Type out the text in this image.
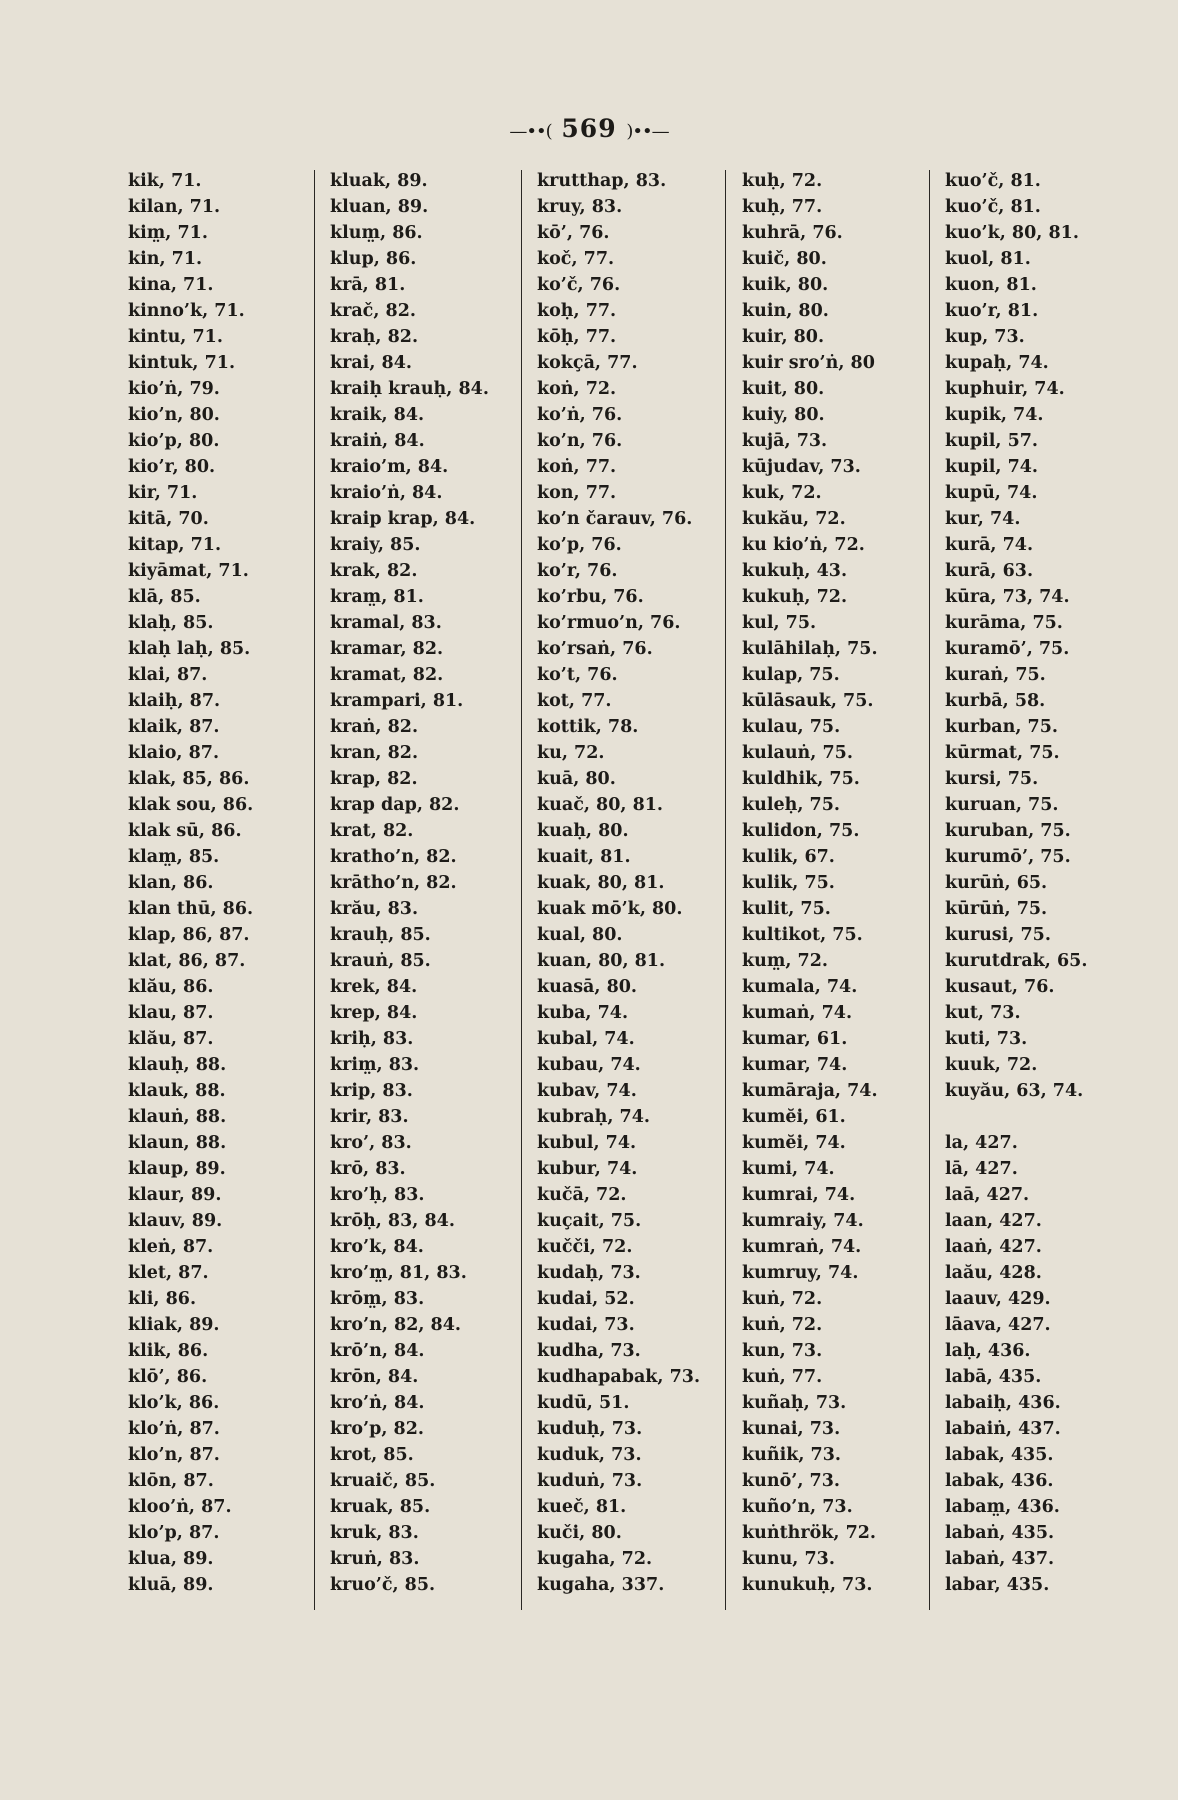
—••( 569 )••—
kik, 71.
kilan, 71.
kim̤, 71.
kin, 71.
kina, 71.
kinno’k, 71.
kintu, 71.
kintuk, 71.
kio’ṅ, 79.
kio’n, 80.
kio’p, 80.
kio’r, 80.
kir, 71.
kitā, 70.
kitap, 71.
kiyāmat, 71.
klā, 85.
klaḥ, 85.
klaḥ laḥ, 85.
klai, 87.
klaiḥ, 87.
klaik, 87.
klaio, 87.
klak, 85, 86.
klak sou, 86.
klak sū, 86.
klam̤, 85.
klan, 86.
klan thū, 86.
klap, 86, 87.
klat, 86, 87.
klău, 86.
klau, 87.
klău, 87.
klauḥ, 88.
klauk, 88.
klauṅ, 88.
klaun, 88.
klaup, 89.
klaur, 89.
klauv, 89.
kleṅ, 87.
klet, 87.
kli, 86.
kliak, 89.
klik, 86.
klō’, 86.
klo’k, 86.
klo’ṅ, 87.
klo’n, 87.
klōn, 87.
kloo’ṅ, 87.
klo’p, 87.
klua, 89.
kluā, 89.
kluak, 89.
kluan, 89.
klum̤, 86.
klup, 86.
krā, 81.
krač, 82.
kraḥ, 82.
krai, 84.
kraiḥ krauḥ, 84.
kraik, 84.
kraiṅ, 84.
kraio’m, 84.
kraio’ṅ, 84.
kraip krap, 84.
kraiy, 85.
krak, 82.
kram̤, 81.
kramal, 83.
kramar, 82.
kramat, 82.
krampari, 81.
kraṅ, 82.
kran, 82.
krap, 82.
krap dap, 82.
krat, 82.
kratho’n, 82.
krātho’n, 82.
krău, 83.
krauḥ, 85.
krauṅ, 85.
krek, 84.
krep, 84.
kriḥ, 83.
krim̤, 83.
krip, 83.
krir, 83.
kro’, 83.
krō, 83.
kro’ḥ, 83.
krōḥ, 83, 84.
kro’k, 84.
kro’m̤, 81, 83.
krōm̤, 83.
kro’n, 82, 84.
krō’n, 84.
krōn, 84.
kro’ṅ, 84.
kro’p, 82.
krot, 85.
kruaič, 85.
kruak, 85.
kruk, 83.
kruṅ, 83.
kruo’č, 85.
krutthap, 83.
kruy, 83.
kō’, 76.
koč, 77.
ko’č, 76.
koḥ, 77.
kōḥ, 77.
kokçā, 77.
koṅ, 72.
ko’ṅ, 76.
ko’n, 76.
koṅ, 77.
kon, 77.
ko’n čarauv, 76.
ko’p, 76.
ko’r, 76.
ko’rbu, 76.
ko’rmuo’n, 76.
ko’rsaṅ, 76.
ko’t, 76.
kot, 77.
kottik, 78.
ku, 72.
kuā, 80.
kuač, 80, 81.
kuaḥ, 80.
kuait, 81.
kuak, 80, 81.
kuak mō’k, 80.
kual, 80.
kuan, 80, 81.
kuasā, 80.
kuba, 74.
kubal, 74.
kubau, 74.
kubav, 74.
kubraḥ, 74.
kubul, 74.
kubur, 74.
kučā, 72.
kuçait, 75.
kučči, 72.
kudaḥ, 73.
kudai, 52.
kudai, 73.
kudha, 73.
kudhapabak, 73.
kudū, 51.
kuduḥ, 73.
kuduk, 73.
kuduṅ, 73.
kueč, 81.
kuči, 80.
kugaha, 72.
kugaha, 337.
kuḥ, 72.
kuḥ, 77.
kuhrā, 76.
kuič, 80.
kuik, 80.
kuin, 80.
kuir, 80.
kuir sro’ṅ, 80
kuit, 80.
kuiy, 80.
kujā, 73.
kūjudav, 73.
kuk, 72.
kukău, 72.
ku kio’ṅ, 72.
kukuḥ, 43.
kukuḥ, 72.
kul, 75.
kulāhilaḥ, 75.
kulap, 75.
kūlāsauk, 75.
kulau, 75.
kulauṅ, 75.
kuldhik, 75.
kuleḥ, 75.
kulidon, 75.
kulik, 67.
kulik, 75.
kulit, 75.
kultikot, 75.
kum̤, 72.
kumala, 74.
kumaṅ, 74.
kumar, 61.
kumar, 74.
kumāraja, 74.
kumĕi, 61.
kumĕi, 74.
kumi, 74.
kumrai, 74.
kumraiy, 74.
kumraṅ, 74.
kumruy, 74.
kuṅ, 72.
kuṅ, 72.
kun, 73.
kuṅ, 77.
kuñaḥ, 73.
kunai, 73.
kuñik, 73.
kunō’, 73.
kuño’n, 73.
kuṅthrök, 72.
kunu, 73.
kunukuḥ, 73.
kuo’č, 81.
kuo’č, 81.
kuo’k, 80, 81.
kuol, 81.
kuon, 81.
kuo’r, 81.
kup, 73.
kupaḥ, 74.
kuphuir, 74.
kupik, 74.
kupil, 57.
kupil, 74.
kupū, 74.
kur, 74.
kurā, 74.
kurā, 63.
kūra, 73, 74.
kurāma, 75.
kuramō’, 75.
kuraṅ, 75.
kurbā, 58.
kurban, 75.
kūrmat, 75.
kursi, 75.
kuruan, 75.
kuruban, 75.
kurumō’, 75.
kurūṅ, 65.
kūrūṅ, 75.
kurusi, 75.
kurutdrak, 65.
kusaut, 76.
kut, 73.
kuti, 73.
kuuk, 72.
kuyău, 63, 74.
la, 427.
lā, 427.
laā, 427.
laan, 427.
laaṅ, 427.
laău, 428.
laauv, 429.
lāava, 427.
laḥ, 436.
labā, 435.
labaiḥ, 436.
labaiṅ, 437.
labak, 435.
labak, 436.
labam̤, 436.
labaṅ, 435.
labaṅ, 437.
labar, 435.
